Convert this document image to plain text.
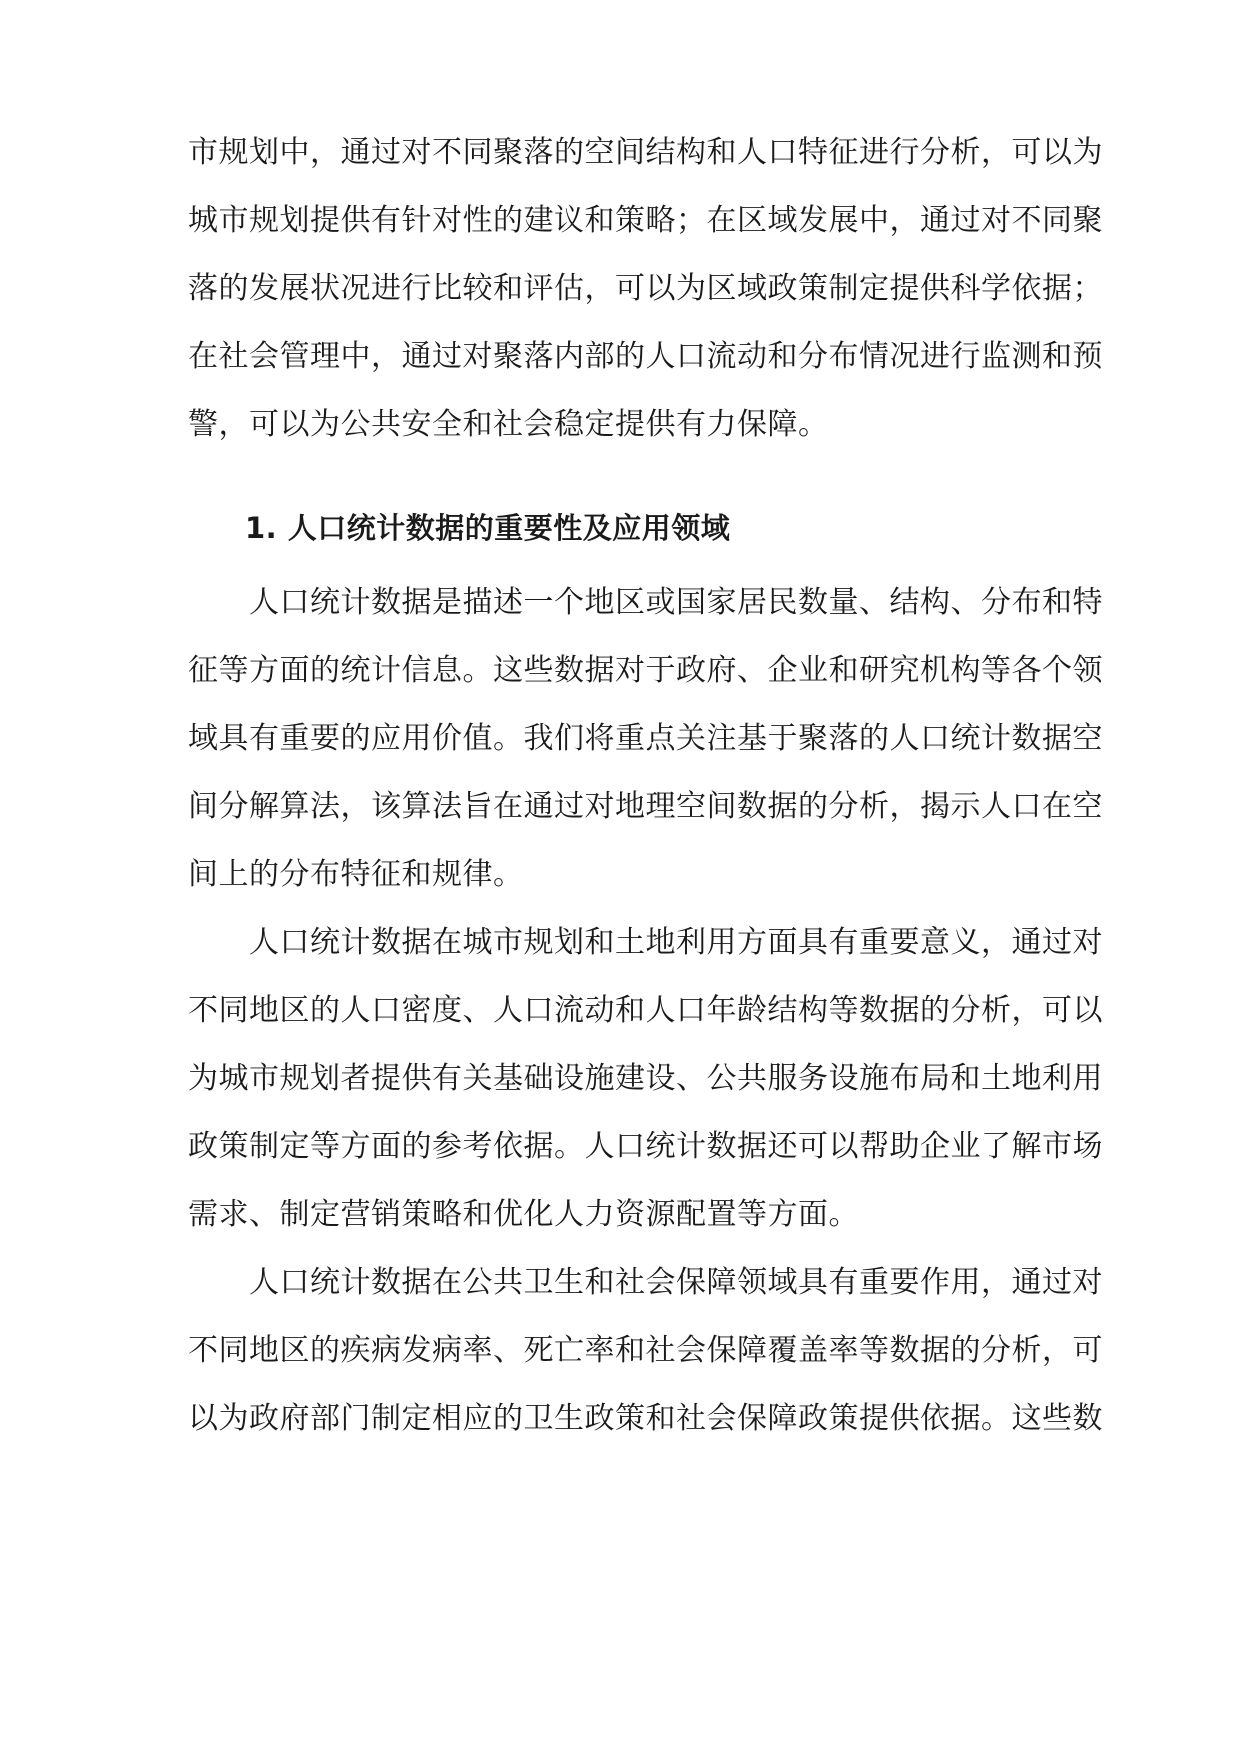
市规划中，通过对不同聚落的空间结构和人口特征进行分析，可以为
城市规划提供有针对性的建议和策略；在区域发展中，通过对不同聚
落的发展状况进行比较和评估，可以为区域政策制定提供科学依据；
在社会管理中，通过对聚落内部的人口流动和分布情况进行监测和预
警，可以为公共安全和社会稳定提供有力保障。
1. 人口统计数据的重要性及应用领域
　　人口统计数据是描述一个地区或国家居民数量、结构、分布和特
征等方面的统计信息。这些数据对于政府、企业和研究机构等各个领
域具有重要的应用价值。我们将重点关注基于聚落的人口统计数据空
间分解算法，该算法旨在通过对地理空间数据的分析，揭示人口在空
间上的分布特征和规律。
　　人口统计数据在城市规划和土地利用方面具有重要意义，通过对
不同地区的人口密度、人口流动和人口年龄结构等数据的分析，可以
为城市规划者提供有关基础设施建设、公共服务设施布局和土地利用
政策制定等方面的参考依据。人口统计数据还可以帮助企业了解市场
需求、制定营销策略和优化人力资源配置等方面。
　　人口统计数据在公共卫生和社会保障领域具有重要作用，通过对
不同地区的疾病发病率、死亡率和社会保障覆盖率等数据的分析，可
以为政府部门制定相应的卫生政策和社会保障政策提供依据。这些数
